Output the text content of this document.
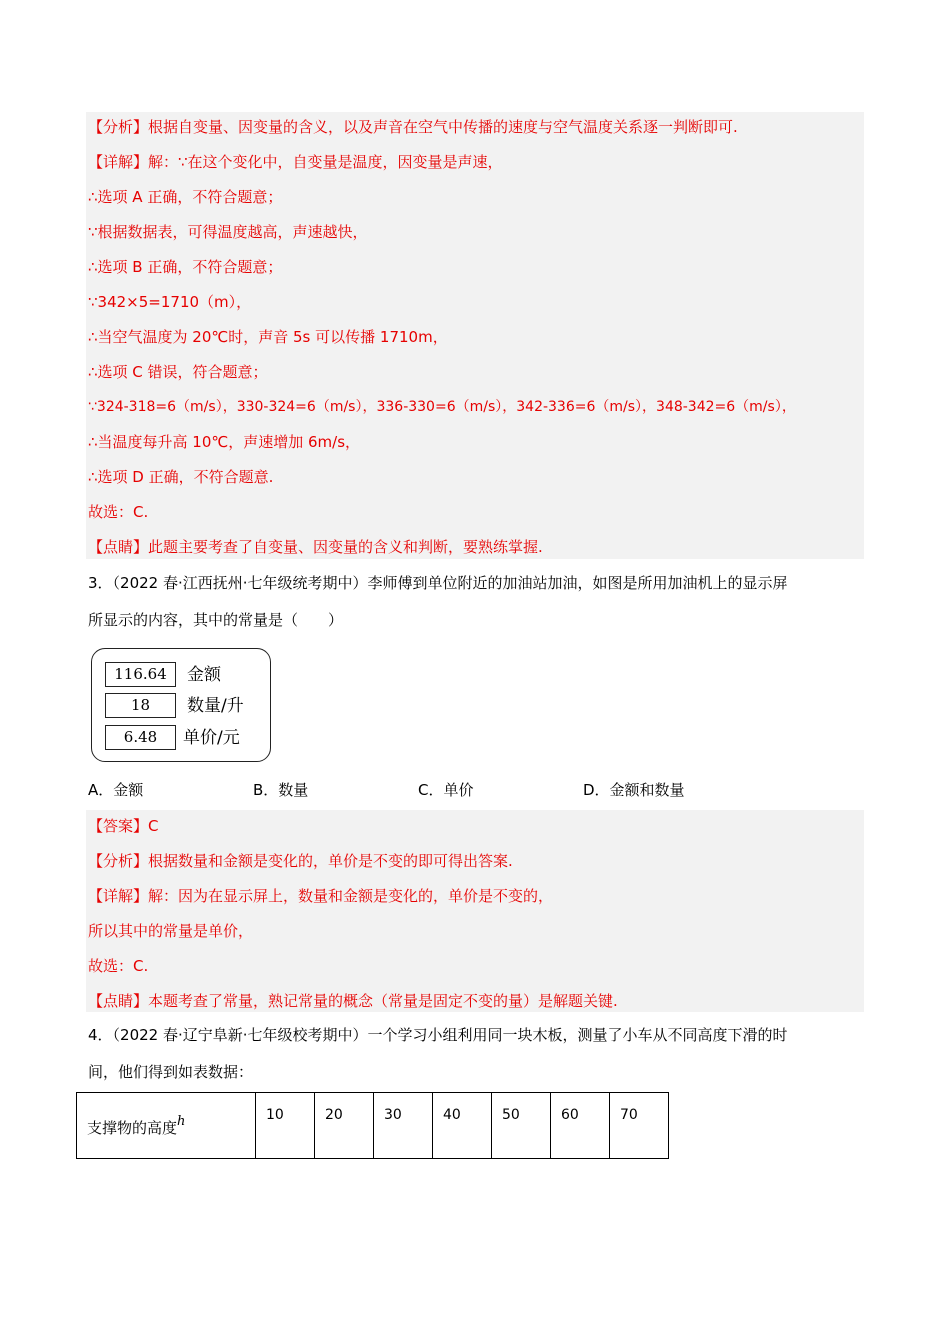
【分析】根据自变量、因变量的含义，以及声音在空气中传播的速度与空气温度关系逐一判断即可.
【详解】解：∵在这个变化中，自变量是温度，因变量是声速，
∴选项 A 正确，不符合题意；
∵根据数据表，可得温度越高，声速越快，
∴选项 B 正确，不符合题意；
∵342×5=1710（m），
∴当空气温度为 20℃时，声音 5s 可以传播 1710m，
∴选项 C 错误，符合题意；
∵324-318=6（m/s），330-324=6（m/s），336-330=6（m/s），342-336=6（m/s），348-342=6（m/s），
∴当温度每升高 10℃，声速增加 6m/s，
∴选项 D 正确，不符合题意.
故选：C.
【点睛】此题主要考查了自变量、因变量的含义和判断，要熟练掌握.
3．（2022 春·江西抚州·七年级统考期中）李师傅到单位附近的加油站加油，如图是所用加油机上的显示屏
所显示的内容，其中的常量是（　　）
116.64	金额
18	数量/升
6.48	单价/元
A．金额	B．数量	C．单价	D．金额和数量
【答案】C
【分析】根据数量和金额是变化的，单价是不变的即可得出答案.
【详解】解：因为在显示屏上，数量和金额是变化的，单价是不变的，
所以其中的常量是单价，
故选：C.
【点睛】本题考查了常量，熟记常量的概念（常量是固定不变的量）是解题关键.
4．（2022 春·辽宁阜新·七年级校考期中）一个学习小组利用同一块木板，测量了小车从不同高度下滑的时
间，他们得到如表数据：
支撑物的高度h	10	20	30	40	50	60	70
